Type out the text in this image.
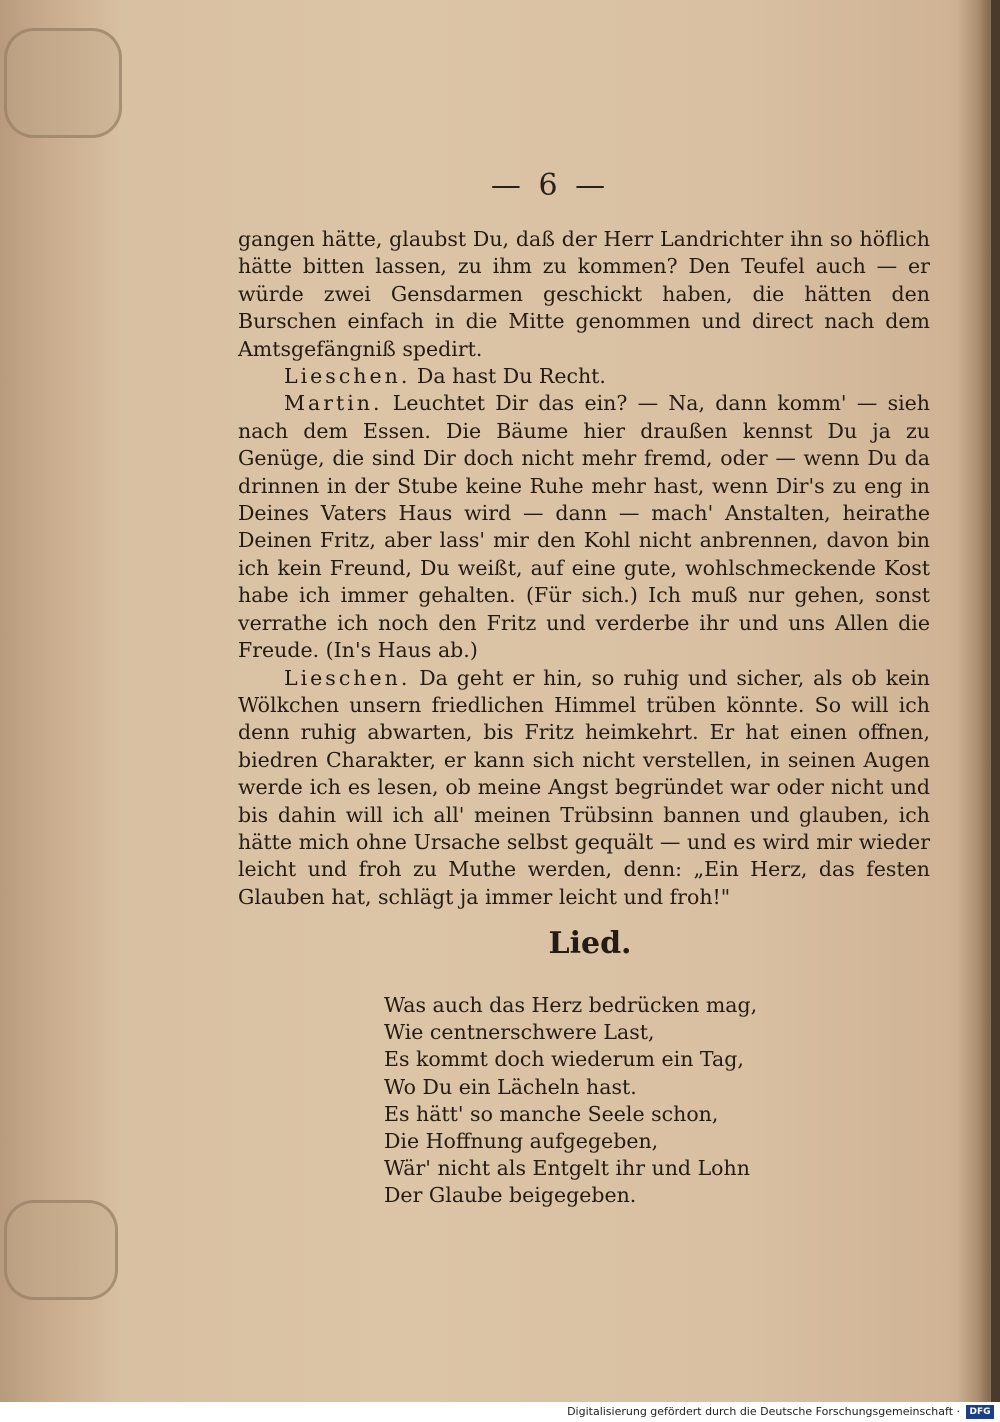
— 6 —

gangen hätte, glaubst Du, daß der Herr Landrichter ihn so höflich hätte bitten lassen, zu ihm zu kommen? Den Teufel auch — er würde zwei Gensdarmen geschickt haben, die hätten den Burschen einfach in die Mitte genommen und direct nach dem Amtsgefängniß spedirt.

Lieschen. Da hast Du Recht.

Martin. Leuchtet Dir das ein? — Na, dann komm' — sieh nach dem Essen. Die Bäume hier draußen kennst Du ja zu Genüge, die sind Dir doch nicht mehr fremd, oder — wenn Du da drinnen in der Stube keine Ruhe mehr hast, wenn Dir's zu eng in Deines Vaters Haus wird — dann — mach' Anstalten, heirathe Deinen Fritz, aber lass' mir den Kohl nicht anbrennen, davon bin ich kein Freund, Du weißt, auf eine gute, wohlschmeckende Kost habe ich immer gehalten. (Für sich.) Ich muß nur gehen, sonst verrathe ich noch den Fritz und verderbe ihr und uns Allen die Freude. (In's Haus ab.)

Lieschen. Da geht er hin, so ruhig und sicher, als ob kein Wölkchen unsern friedlichen Himmel trüben könnte. So will ich denn ruhig abwarten, bis Fritz heimkehrt. Er hat einen offnen, biedren Charakter, er kann sich nicht verstellen, in seinen Augen werde ich es lesen, ob meine Angst begründet war oder nicht und bis dahin will ich all' meinen Trübsinn bannen und glauben, ich hätte mich ohne Ursache selbst gequält — und es wird mir wieder leicht und froh zu Muthe werden, denn: „Ein Herz, das festen Glauben hat, schlägt ja immer leicht und froh!"

Lied.
Was auch das Herz bedrücken mag,
Wie centnerschwere Last,
Es kommt doch wiederum ein Tag,
Wo Du ein Lächeln hast.
Es hätt' so manche Seele schon,
Die Hoffnung aufgegeben,
Wär' nicht als Entgelt ihr und Lohn
Der Glaube beigegeben.
Digitalisierung gefördert durch die Deutsche Forschungsgemeinschaft ·	DFG
